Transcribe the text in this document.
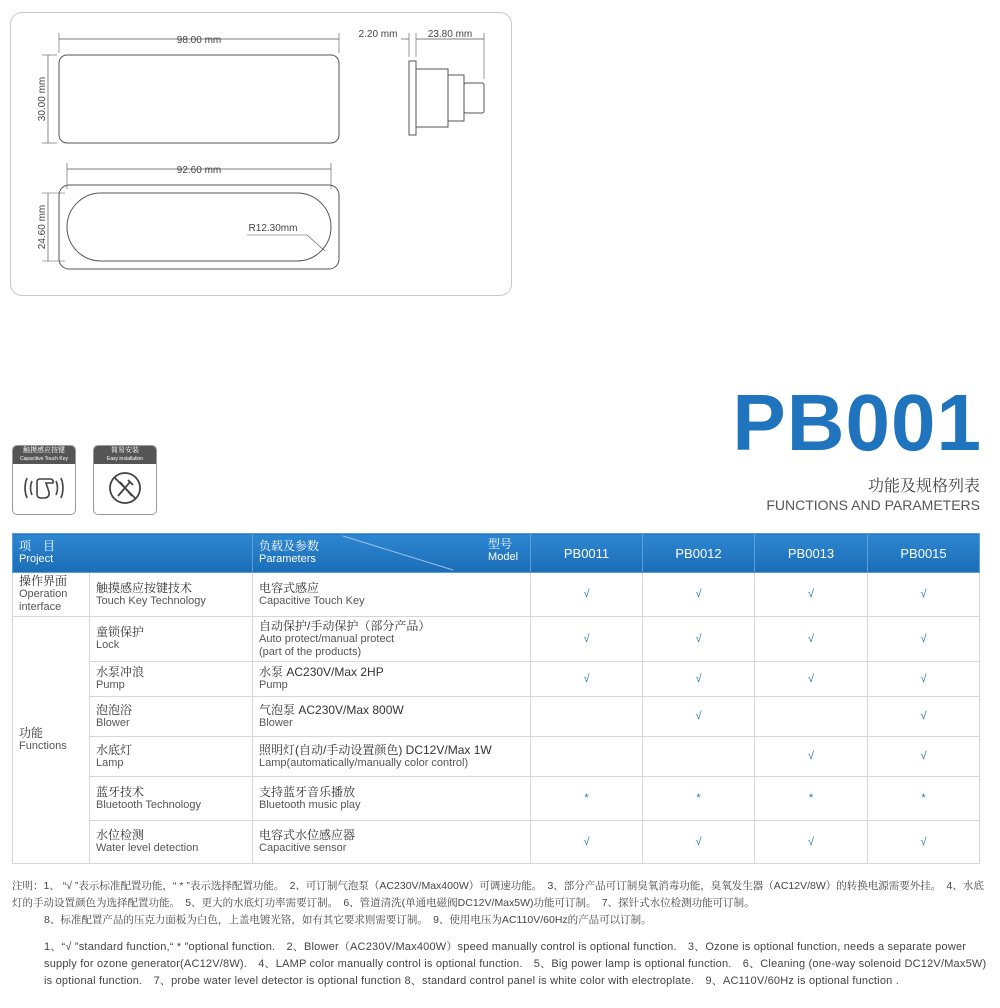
98.00 mm
30.00 mm
2.20 mm	23.80 mm
92.60 mm
24.60 mm	R12.30mm
PB001
功能及规格列表
FUNCTIONS AND PARAMETERS
触摸感应按键
Capacitive Touch Key
简易安装
Easy installation
项　目
Project		负载及参数
Parameters
型号
Model	PB0011	PB0012	PB0013	PB0015

操作界面
Operation interface	触摸感应按键技术
Touch Key Technology	电容式感应
Capacitive Touch Key	√	√	√	√

功能
Functions	童锁保护
Lock	自动保护/手动保护（部分产品）
Auto protect/manual protect
(part of the products)	√	√	√	√

	水泵冲浪
Pump	水泵 AC230V/Max 2HP
Pump	√	√	√	√

	泡泡浴
Blower	气泡泵 AC230V/Max 800W
Blower		√		√

	水底灯
Lamp	照明灯(自动/手动设置颜色) DC12V/Max 1W
Lamp(automatically/manually color control)			√	√

	蓝牙技术
Bluetooth Technology	支持蓝牙音乐播放
Bluetooth music play	*	*	*	*

	水位检测
Water level detection	电容式水位感应器
Capacitive sensor	√	√	√	√

注明：1、 “√ ”表示标准配置功能，“ * ”表示选择配置功能。　2、可订制气泡泵（AC230V/Max400W）可调速功能。　3、部分产品可订制臭氧消毒功能，臭氧发生器（AC12V/8W）的转换电源需要外挂。　4、水底灯的手动设置颜色为选择配置功能。　5、更大的水底灯功率需要订制。　6、管道清洗(单通电磁阀DC12V/Max5W)功能可订制。　7、探针式水位检测功能可订制。

8、标准配置产品的压克力面板为白色，上盖电镀光铬，如有其它要求则需要订制。　9、使用电压为AC110V/60Hz的产品可以订制。

1、“√ ”standard function,“ * ”optional function.　2、Blower（AC230V/Max400W）speed manually control is optional function.　3、Ozone is optional function, needs a separate power supply for ozone generator(AC12V/8W).　4、LAMP color manually control is optional function.　5、Big power lamp is optional function.　6、Cleaning (one-way solenoid DC12V/Max5W) is optional function.　7、probe water level detector is optional function 8、standard control panel is white color with electroplate.　9、AC110V/60Hz is optional function .
